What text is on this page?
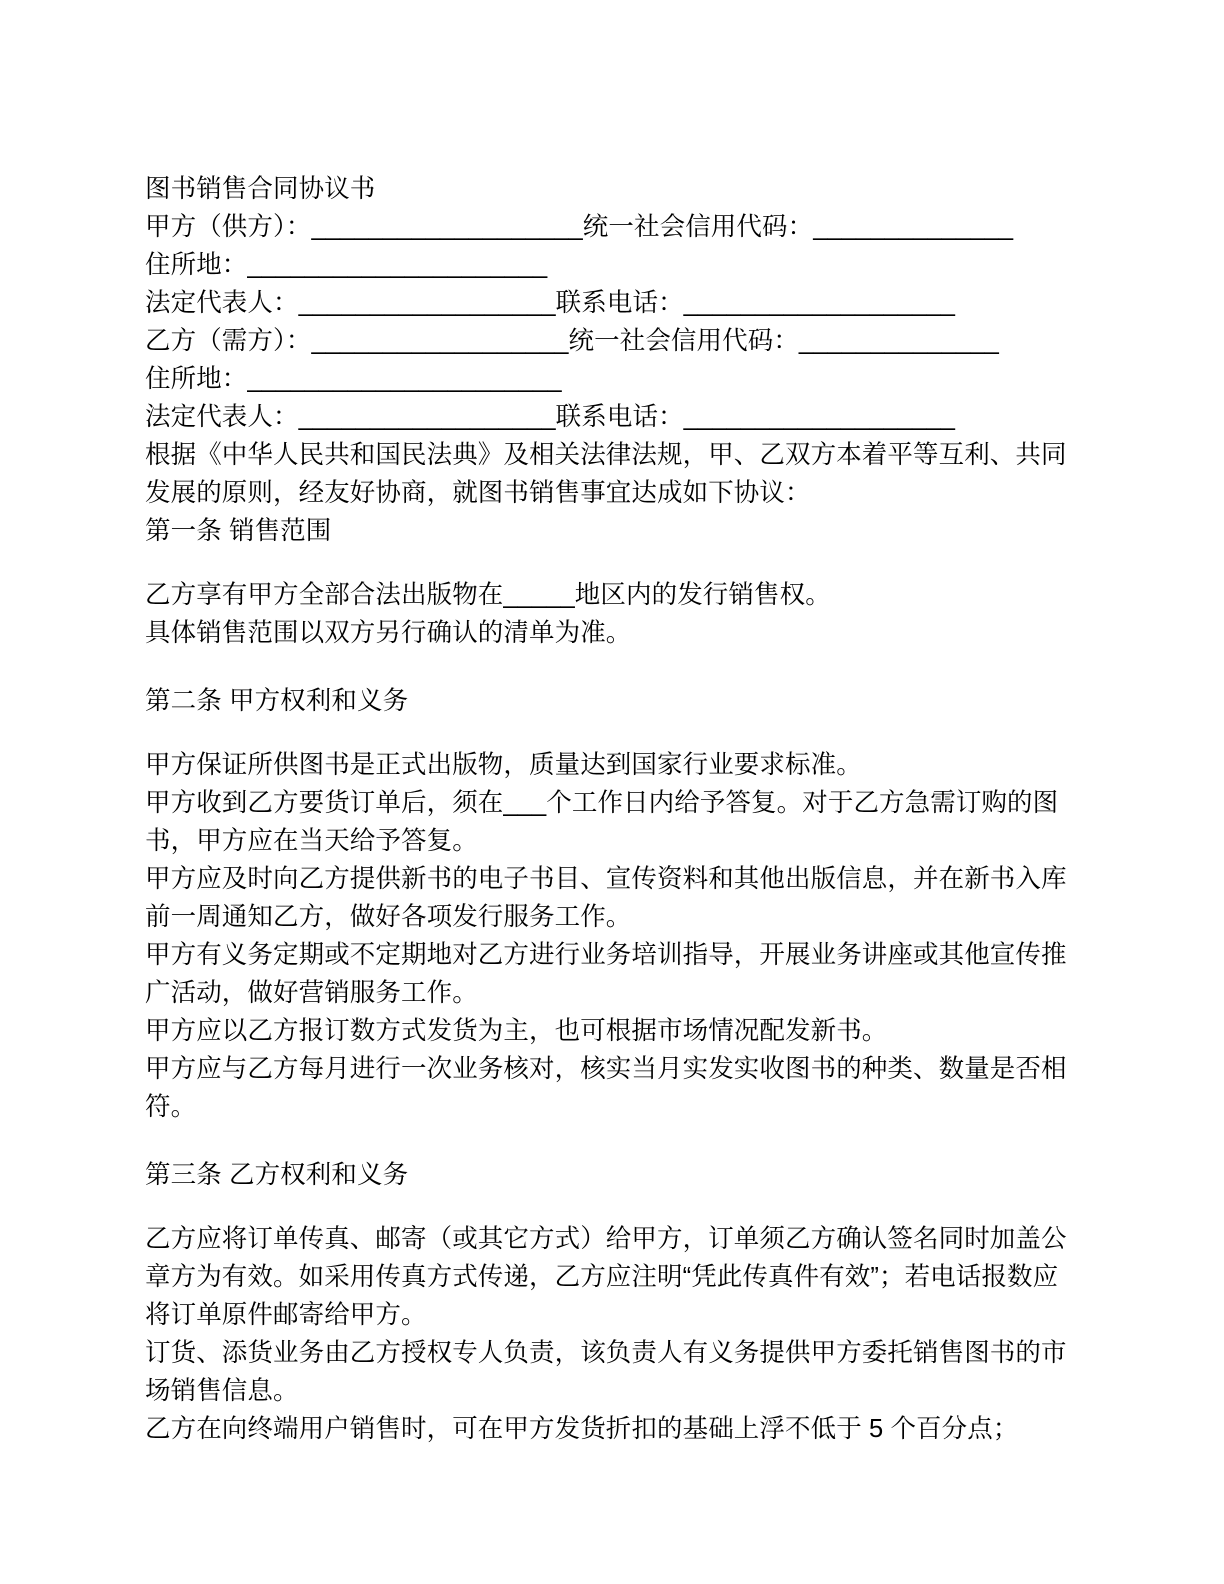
图书销售合同协议书
甲方（供方）：___________________统一社会信用代码：______________
住所地：_____________________
法定代表人：__________________联系电话：___________________
乙方（需方）：__________________统一社会信用代码：______________
住所地：______________________
法定代表人：__________________联系电话：___________________
根据《中华人民共和国民法典》及相关法律法规，甲、乙双方本着平等互利、共同发展的原则，经友好协商，就图书销售事宜达成如下协议：
第一条 销售范围
乙方享有甲方全部合法出版物在_____地区内的发行销售权。
具体销售范围以双方另行确认的清单为准。
第二条 甲方权利和义务
甲方保证所供图书是正式出版物，质量达到国家行业要求标准。
甲方收到乙方要货订单后，须在___个工作日内给予答复。对于乙方急需订购的图书，甲方应在当天给予答复。
甲方应及时向乙方提供新书的电子书目、宣传资料和其他出版信息，并在新书入库前一周通知乙方，做好各项发行服务工作。
甲方有义务定期或不定期地对乙方进行业务培训指导，开展业务讲座或其他宣传推广活动，做好营销服务工作。
甲方应以乙方报订数方式发货为主，也可根据市场情况配发新书。
甲方应与乙方每月进行一次业务核对，核实当月实发实收图书的种类、数量是否相符。
第三条 乙方权利和义务
乙方应将订单传真、邮寄（或其它方式）给甲方，订单须乙方确认签名同时加盖公章方为有效。如采用传真方式传递，乙方应注明“凭此传真件有效”；若电话报数应将订单原件邮寄给甲方。
订货、添货业务由乙方授权专人负责，该负责人有义务提供甲方委托销售图书的市场销售信息。
乙方在向终端用户销售时，可在甲方发货折扣的基础上浮不低于 5 个百分点；
